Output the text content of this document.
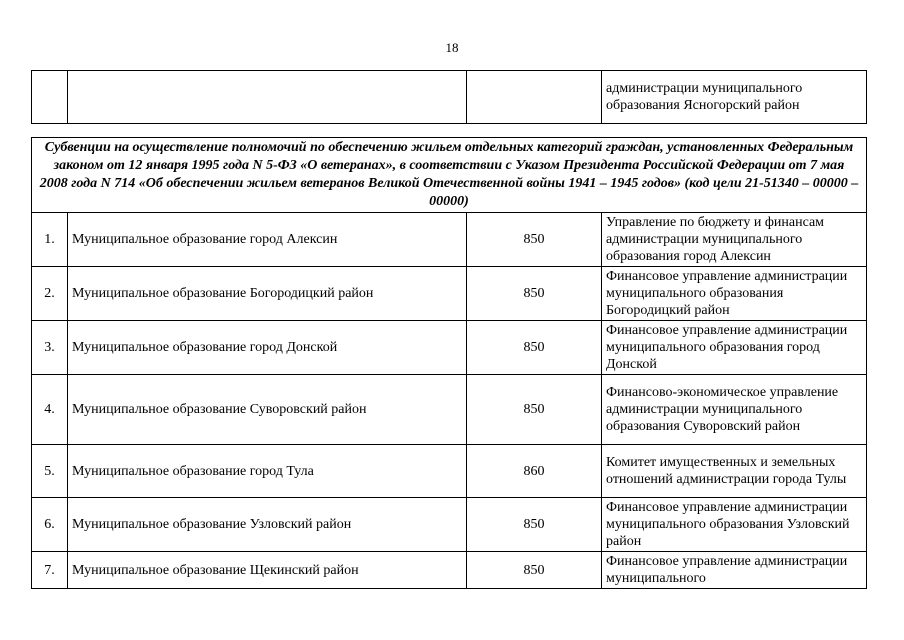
18
			администрации муниципального образования Ясногорский район
Субвенции на осуществление полномочий по обеспечению жильем отдельных категорий граждан, установленных Федеральным законом от 12 января 1995 года N 5-ФЗ «О ветеранах», в соответствии с Указом Президента Российской Федерации от 7 мая 2008 года N 714 «Об обеспечении жильем ветеранов Великой Отечественной войны 1941 – 1945 годов» (код цели 21-51340 – 00000 – 00000)			
1.	Муниципальное образование город Алексин	850	Управление по бюджету и финансам администрации муниципального образования город Алексин
2.	Муниципальное образование Богородицкий район	850	Финансовое управление администрации муниципального образования Богородицкий район
3.	Муниципальное образование город Донской	850	Финансовое управление администрации муниципального образования город Донской
4.	Муниципальное образование Суворовский район	850	Финансово-экономическое управление администрации муниципального образования Суворовский район
5.	Муниципальное образование город Тула	860	Комитет имущественных и земельных отношений администрации города Тулы
6.	Муниципальное образование Узловский район	850	Финансовое управление администрации муниципального образования Узловский район
7.	Муниципальное образование Щекинский район	850	Финансовое управление администрации муниципального
